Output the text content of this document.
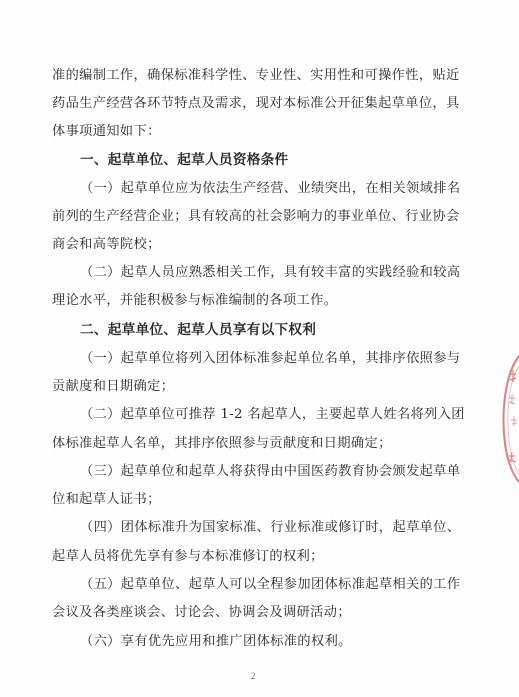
准的编制工作，确保标准科学性、专业性、实用性和可操作性，贴近
药品生产经营各环节特点及需求，现对本标准公开征集起草单位，具
体事项通知如下：
一、起草单位、起草人员资格条件
（一）起草单位应为依法生产经营、业绩突出，在相关领域排名
前列的生产经营企业；具有较高的社会影响力的事业单位、行业协会
商会和高等院校；
（二）起草人员应熟悉相关工作，具有较丰富的实践经验和较高
理论水平，并能积极参与标准编制的各项工作。
二、起草单位、起草人员享有以下权利
（一）起草单位将列入团体标准参起单位名单，其排序依照参与
贡献度和日期确定；
（二）起草单位可推荐 1-2 名起草人，主要起草人姓名将列入团
体标准起草人名单，其排序依照参与贡献度和日期确定；
（三）起草单位和起草人将获得由中国医药教育协会颁发起草单
位和起草人证书；
（四）团体标准升为国家标准、行业标准或修订时，起草单位、
起草人员将优先享有参与本标准修订的权利；
（五）起草单位、起草人可以全程参加团体标准起草相关的工作
会议及各类座谈会、讨论会、协调会及调研活动；
（六）享有优先应用和推广团体标准的权利。
2
